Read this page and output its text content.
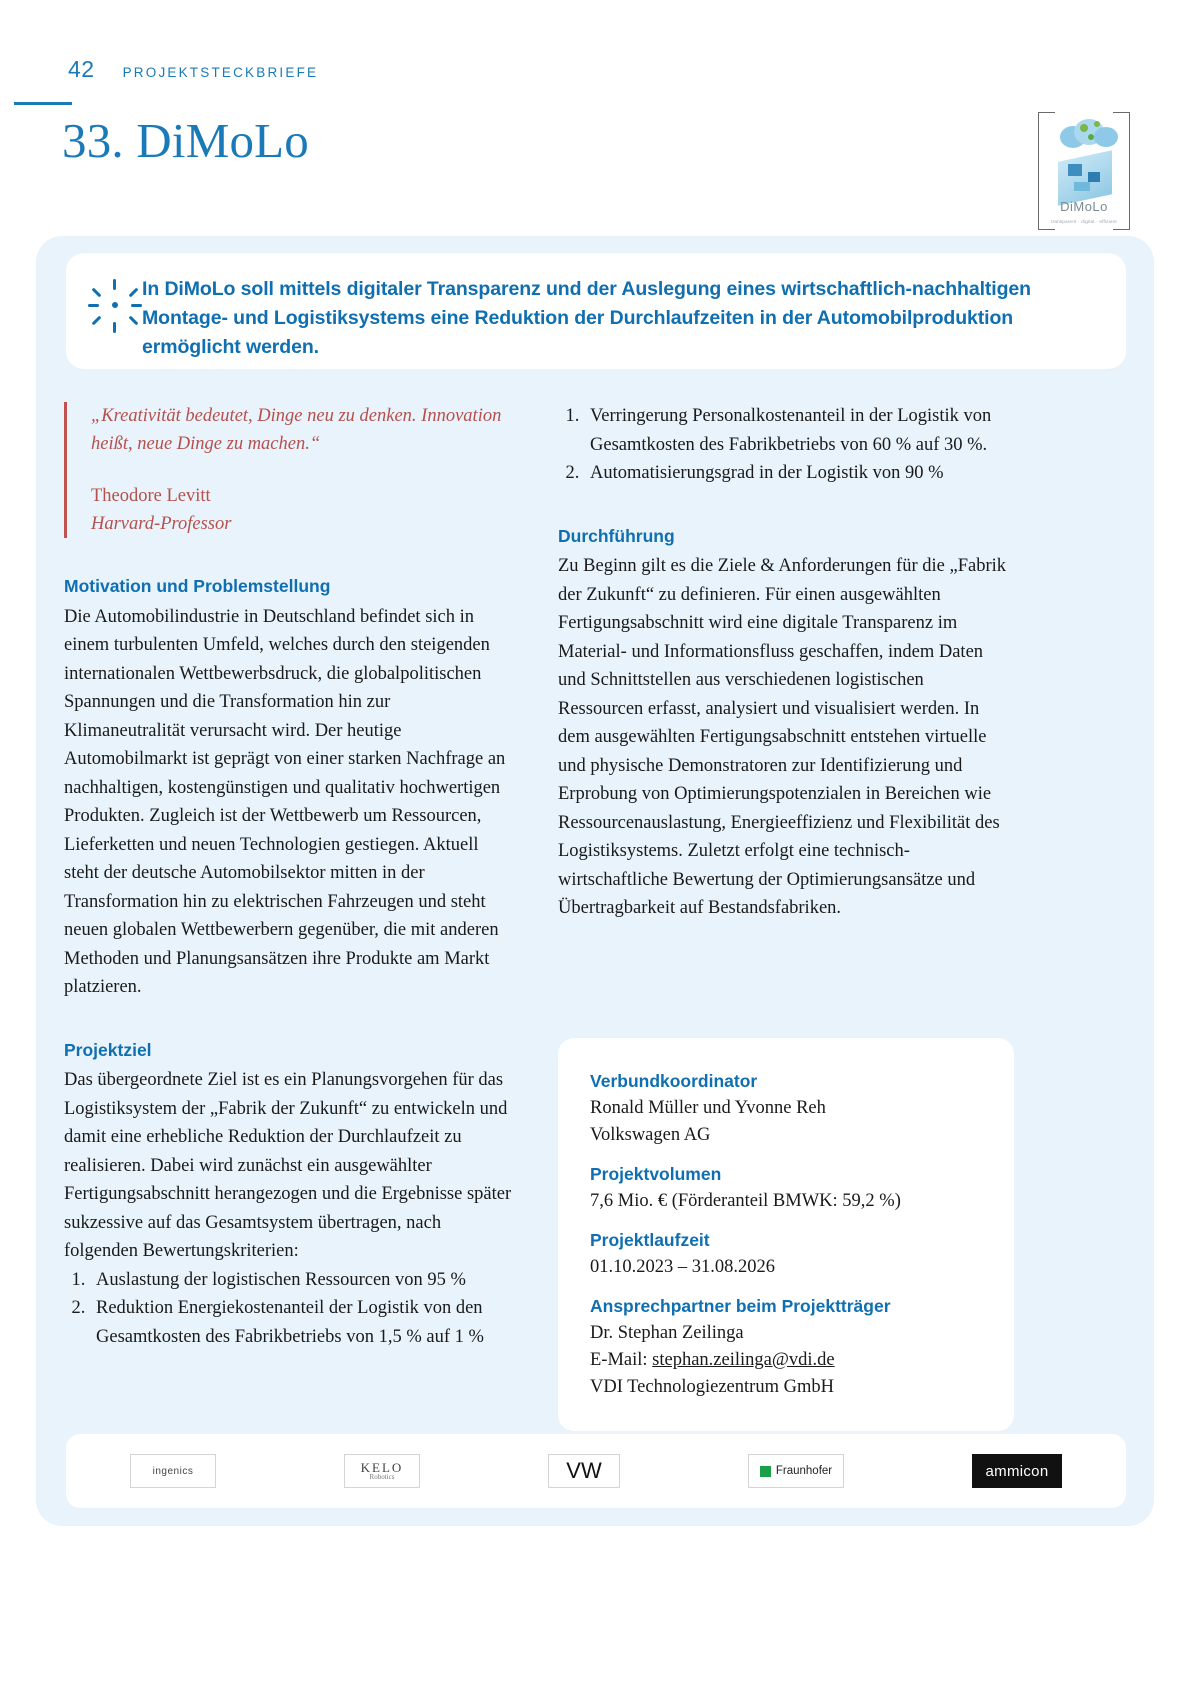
42 PROJEKTSTECKBRIEFE
33. DiMoLo
DiMoLo
transparent · digital · effizient
In DiMoLo soll mittels digitaler Transparenz und der Auslegung eines wirtschaftlich-nachhaltigen Montage- und Logistiksystems eine Reduktion der Durchlaufzeiten in der Automobilproduktion ermöglicht werden.
„Kreativität bedeutet, Dinge neu zu denken. Innovation heißt, neue Dinge zu machen.“
Theodore Levitt
Harvard-Professor
Motivation und Problemstellung

Die Automobilindustrie in Deutschland befindet sich in einem turbulenten Umfeld, welches durch den steigenden internationalen Wettbewerbsdruck, die globalpolitischen Spannungen und die Transformation hin zur Klimaneutralität verursacht wird. Der heutige Automobilmarkt ist geprägt von einer starken Nachfrage an nachhaltigen, kostengünstigen und qualitativ hochwertigen Produkten. Zugleich ist der Wettbewerb um Ressourcen, Lieferketten und neuen Technologien gestiegen. Aktuell steht der deutsche Automobilsektor mitten in der Transformation hin zu elektrischen Fahrzeugen und steht neuen globalen Wettbewerbern gegenüber, die mit anderen Methoden und Planungsansätzen ihre Produkte am Markt platzieren.

Projektziel

Das übergeordnete Ziel ist es ein Planungsvorgehen für das Logistiksystem der „Fabrik der Zukunft“ zu entwickeln und damit eine erhebliche Reduktion der Durchlaufzeit zu realisieren. Dabei wird zunächst ein ausgewählter Fertigungsabschnitt herangezogen und die Ergebnisse später sukzessive auf das Gesamtsystem übertragen, nach folgenden Bewertungskriterien:

1. Auslastung der logistischen Ressourcen von 95 %
2. Reduktion Energiekostenanteil der Logistik von den Gesamtkosten des Fabrikbetriebs von 1,5 % auf 1 %
1. Verringerung Personalkostenanteil in der Logistik von Gesamtkosten des Fabrikbetriebs von 60 % auf 30 %.
2. Automatisierungsgrad in der Logistik von 90 %
Durchführung

Zu Beginn gilt es die Ziele & Anforderungen für die „Fabrik der Zukunft“ zu definieren. Für einen ausgewählten Fertigungsabschnitt wird eine digitale Transparenz im Material- und Informationsfluss geschaffen, indem Daten und Schnittstellen aus verschiedenen logistischen Ressourcen erfasst, analysiert und visualisiert werden. In dem ausgewählten Fertigungsabschnitt entstehen virtuelle und physische Demonstratoren zur Identifizierung und Erprobung von Optimierungspotenzialen in Bereichen wie Ressourcenauslastung, Energieeffizienz und Flexibilität des Logistiksystems. Zuletzt erfolgt eine technisch-wirtschaftliche Bewertung der Optimierungsansätze und Übertragbarkeit auf Bestandsfabriken.

Verbundkoordinator

Ronald Müller und Yvonne Reh

Volkswagen AG

Projektvolumen

7,6 Mio. € (Förderanteil BMWK: 59,2 %)

Projektlaufzeit

01.10.2023 – 31.08.2026

Ansprechpartner beim Projektträger

Dr. Stephan Zeilinga

E-Mail: stephan.zeilinga@vdi.de

VDI Technologiezentrum GmbH

ingenics	KELO
Robotics	VW	Fraunhofer	ammicon
